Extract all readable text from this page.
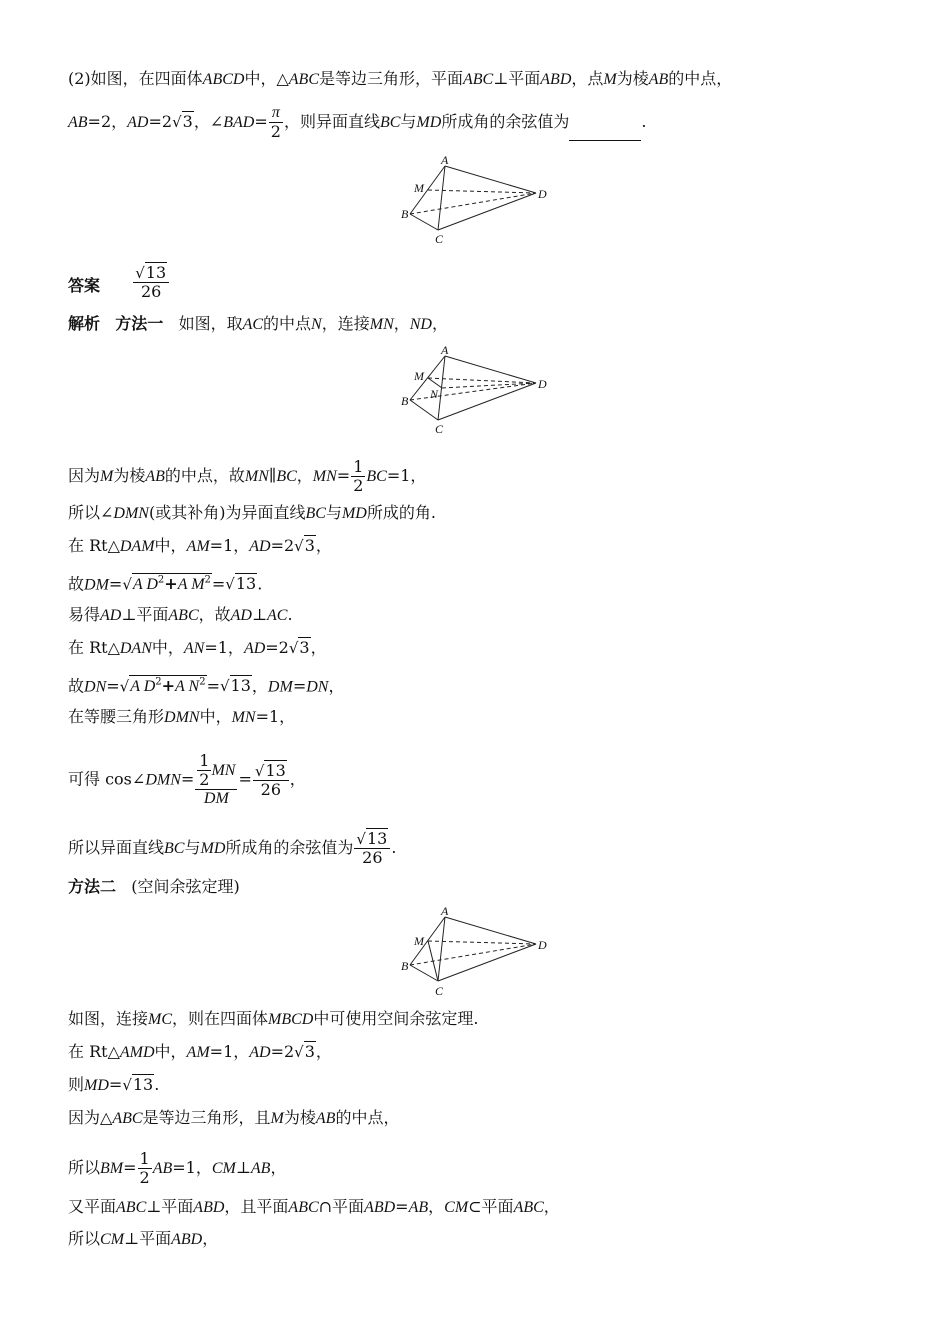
(2)如图，在四面体ABCD中，△ABC是等边三角形，平面ABC⊥平面ABD，点M为棱AB的中点，
AB=2，AD=2√3，∠BAD= $\frac{\pi}{2}$ ，则异面直线BC与MD所成角的余弦值为	.
A
B
C
D
M
答案 $\frac{√13}{26}$
解析 方法一 如图，取AC的中点N，连接MN，ND，
A
B
C
D
M
N
因为M为棱AB的中点，故MN∥BC，$MN= \frac{1}{2} BC=1$，
所以∠DMN(或其补角)为异面直线BC与MD所成的角.
在 Rt△DAM中，AM=1，AD=2√3，
故DM=√A $D^2+A$ $M^2=√13$.
易得AD⊥平面ABC，故AD⊥AC.
在 Rt△DAN中，AN=1，AD=2√3，
故DN=√A $D^2+A$ $N^2=√13$，DM=DN，
在等腰三角形DMN中，MN=1，
可得 cos∠DMN= $\frac{\frac{1}{2} MN}{DM} = \frac{√13}{26}$ ，
所以异面直线BC与MD所成角的余弦值为 $\frac{√13}{26}$ .
方法二 (空间余弦定理)
A
B
C
D
M
如图，连接MC，则在四面体MBCD中可使用空间余弦定理.
在 Rt△AMD中，AM=1，AD=2√3，
则MD=√13.
因为△ABC是等边三角形，且M为棱AB的中点，
所以$BM= \frac{1}{2} AB=1$，CM⊥AB，
又平面ABC⊥平面ABD，且平面ABC∩平面ABD=AB，CM⊂平面ABC，
所以CM⊥平面ABD，
